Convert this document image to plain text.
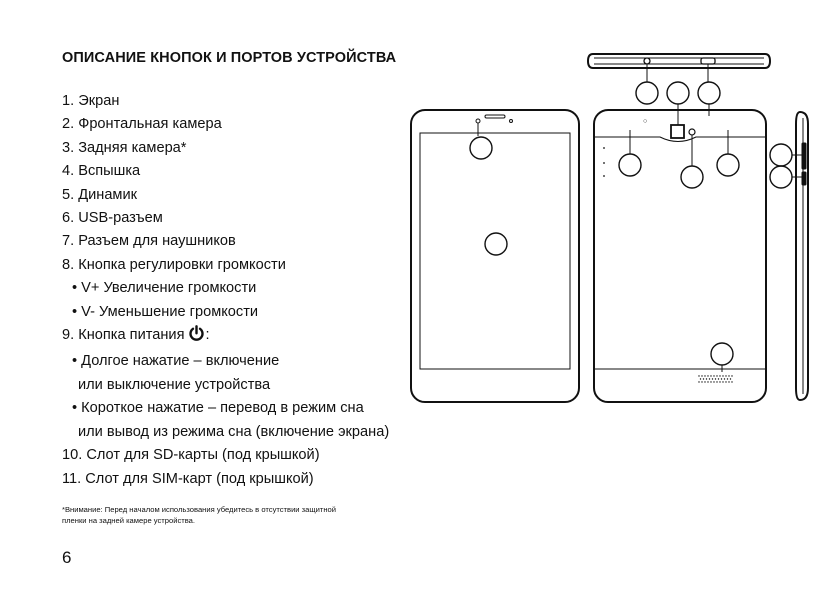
ОПИСАНИЕ КНОПОК И ПОРТОВ УСТРОЙСТВА
1. Экран
2. Фронтальная камера
3. Задняя камера*
4. Вспышка
5. Динамик
6. USB-разъем
7. Разъем для наушников
8. Кнопка регулировки громкости
• V+ Увеличение громкости
• V- Уменьшение громкости
9. Кнопка питания :
• Долгое нажатие – включение
или выключение устройства
• Короткое нажатие – перевод в режим сна
или вывод из режима сна (включение экрана)
10. Слот для SD-карты (под крышкой)
11. Слот для SIM-карт (под крышкой)
*Внимание: Перед началом использования убедитесь в отсутствии защитной
пленки на задней камере устройства.
6
○
